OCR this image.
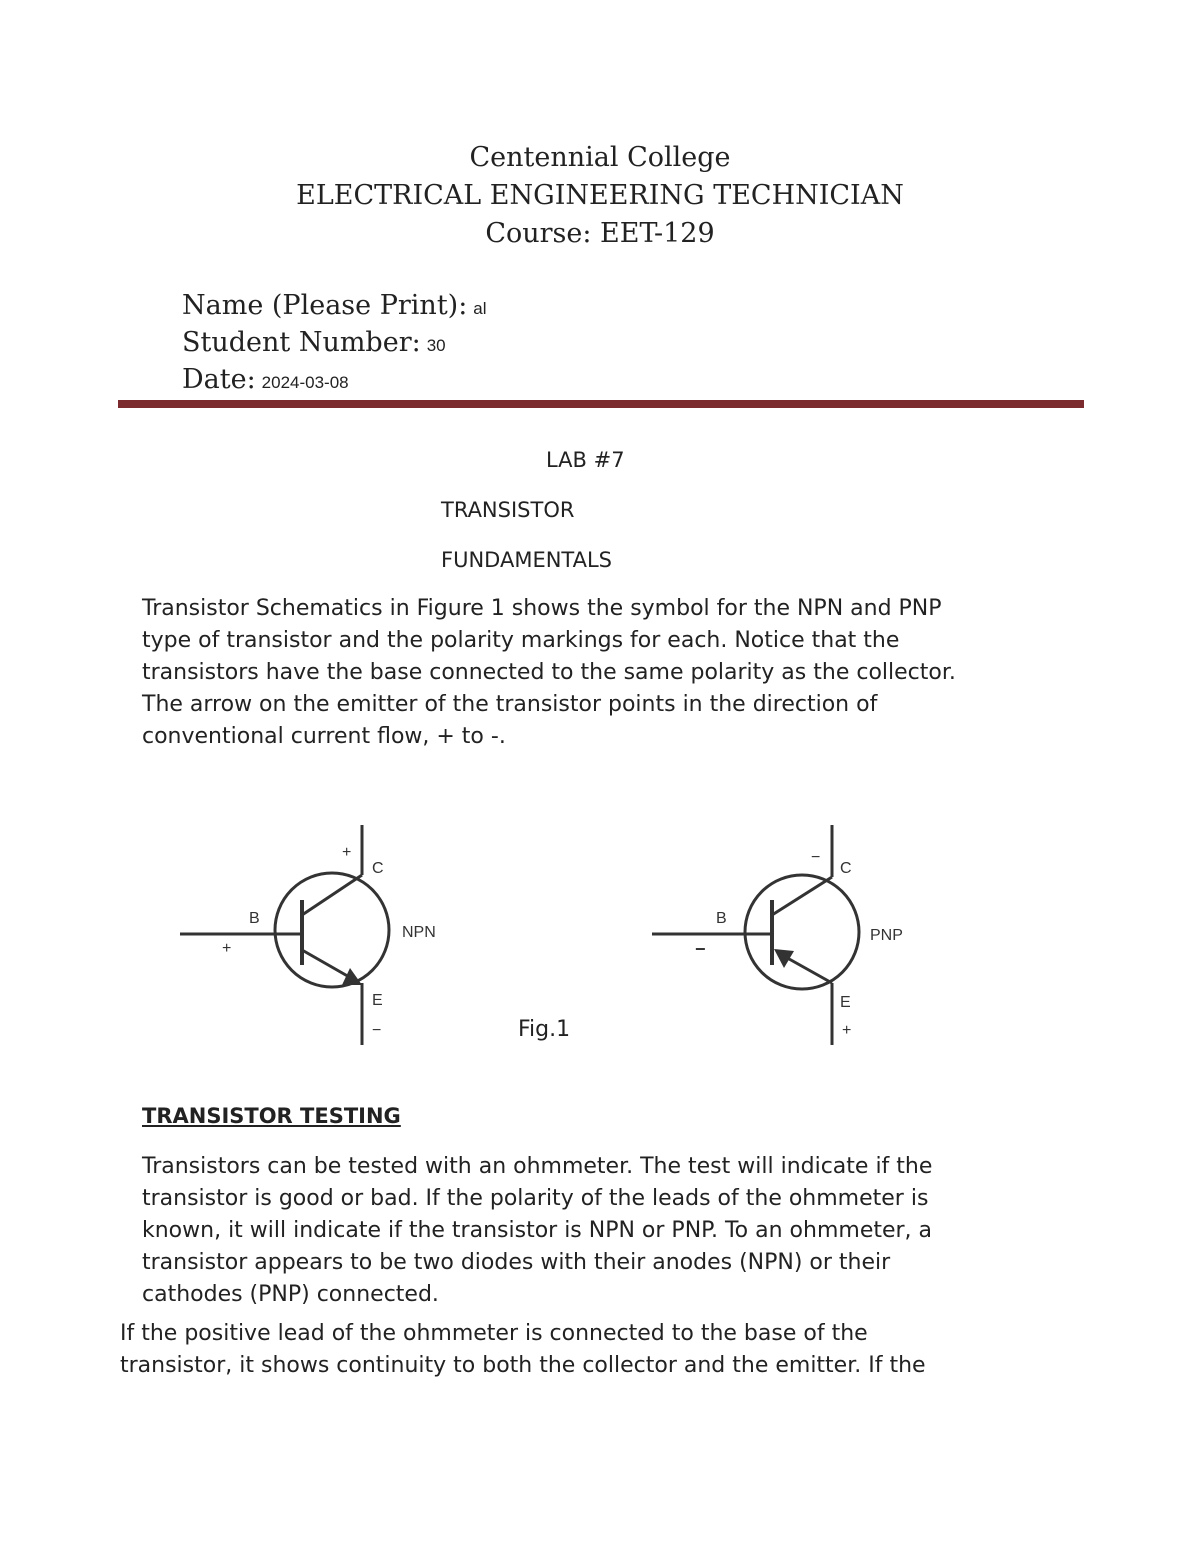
Centennial College

ELECTRICAL ENGINEERING TECHNICIAN

Course: EET-129

Name (Please Print): al
Student Number: 30
Date: 2024-03-08

LAB #7

TRANSISTOR

FUNDAMENTALS

Transistor Schematics in Figure 1 shows the symbol for the NPN and PNP
type of transistor and the polarity markings for each. Notice that the
transistors have the base connected to the same polarity as the collector.
The arrow on the emitter of the transistor points in the direction of
conventional current flow, + to -.
+
C
B
+
NPN
E
−
−
C
B
−
PNP
E
+

Fig.1

TRANSISTOR TESTING

Transistors can be tested with an ohmmeter. The test will indicate if the
transistor is good or bad. If the polarity of the leads of the ohmmeter is
known, it will indicate if the transistor is NPN or PNP. To an ohmmeter, a
transistor appears to be two diodes with their anodes (NPN) or their
cathodes (PNP) connected.
If the positive lead of the ohmmeter is connected to the base of the
transistor, it shows continuity to both the collector and the emitter. If the
